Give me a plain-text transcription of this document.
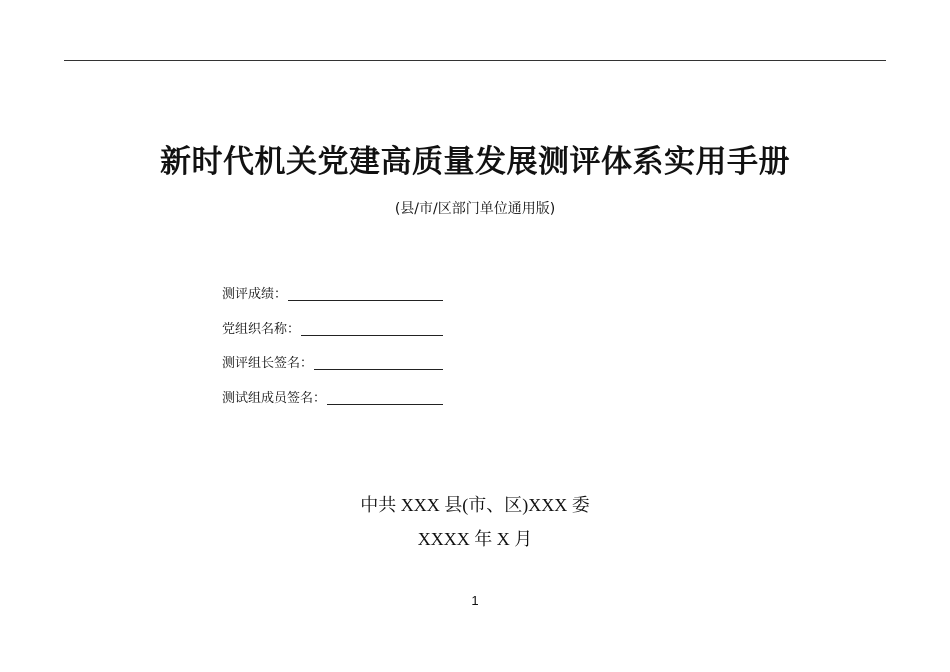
新时代机关党建高质量发展测评体系实用手册
(县/市/区部门单位通用版)
测评成绩：
党组织名称：
测评组长签名：
测试组成员签名：
中共 XXX 县(市、区)XXX 委
XXXX 年 X 月
1
